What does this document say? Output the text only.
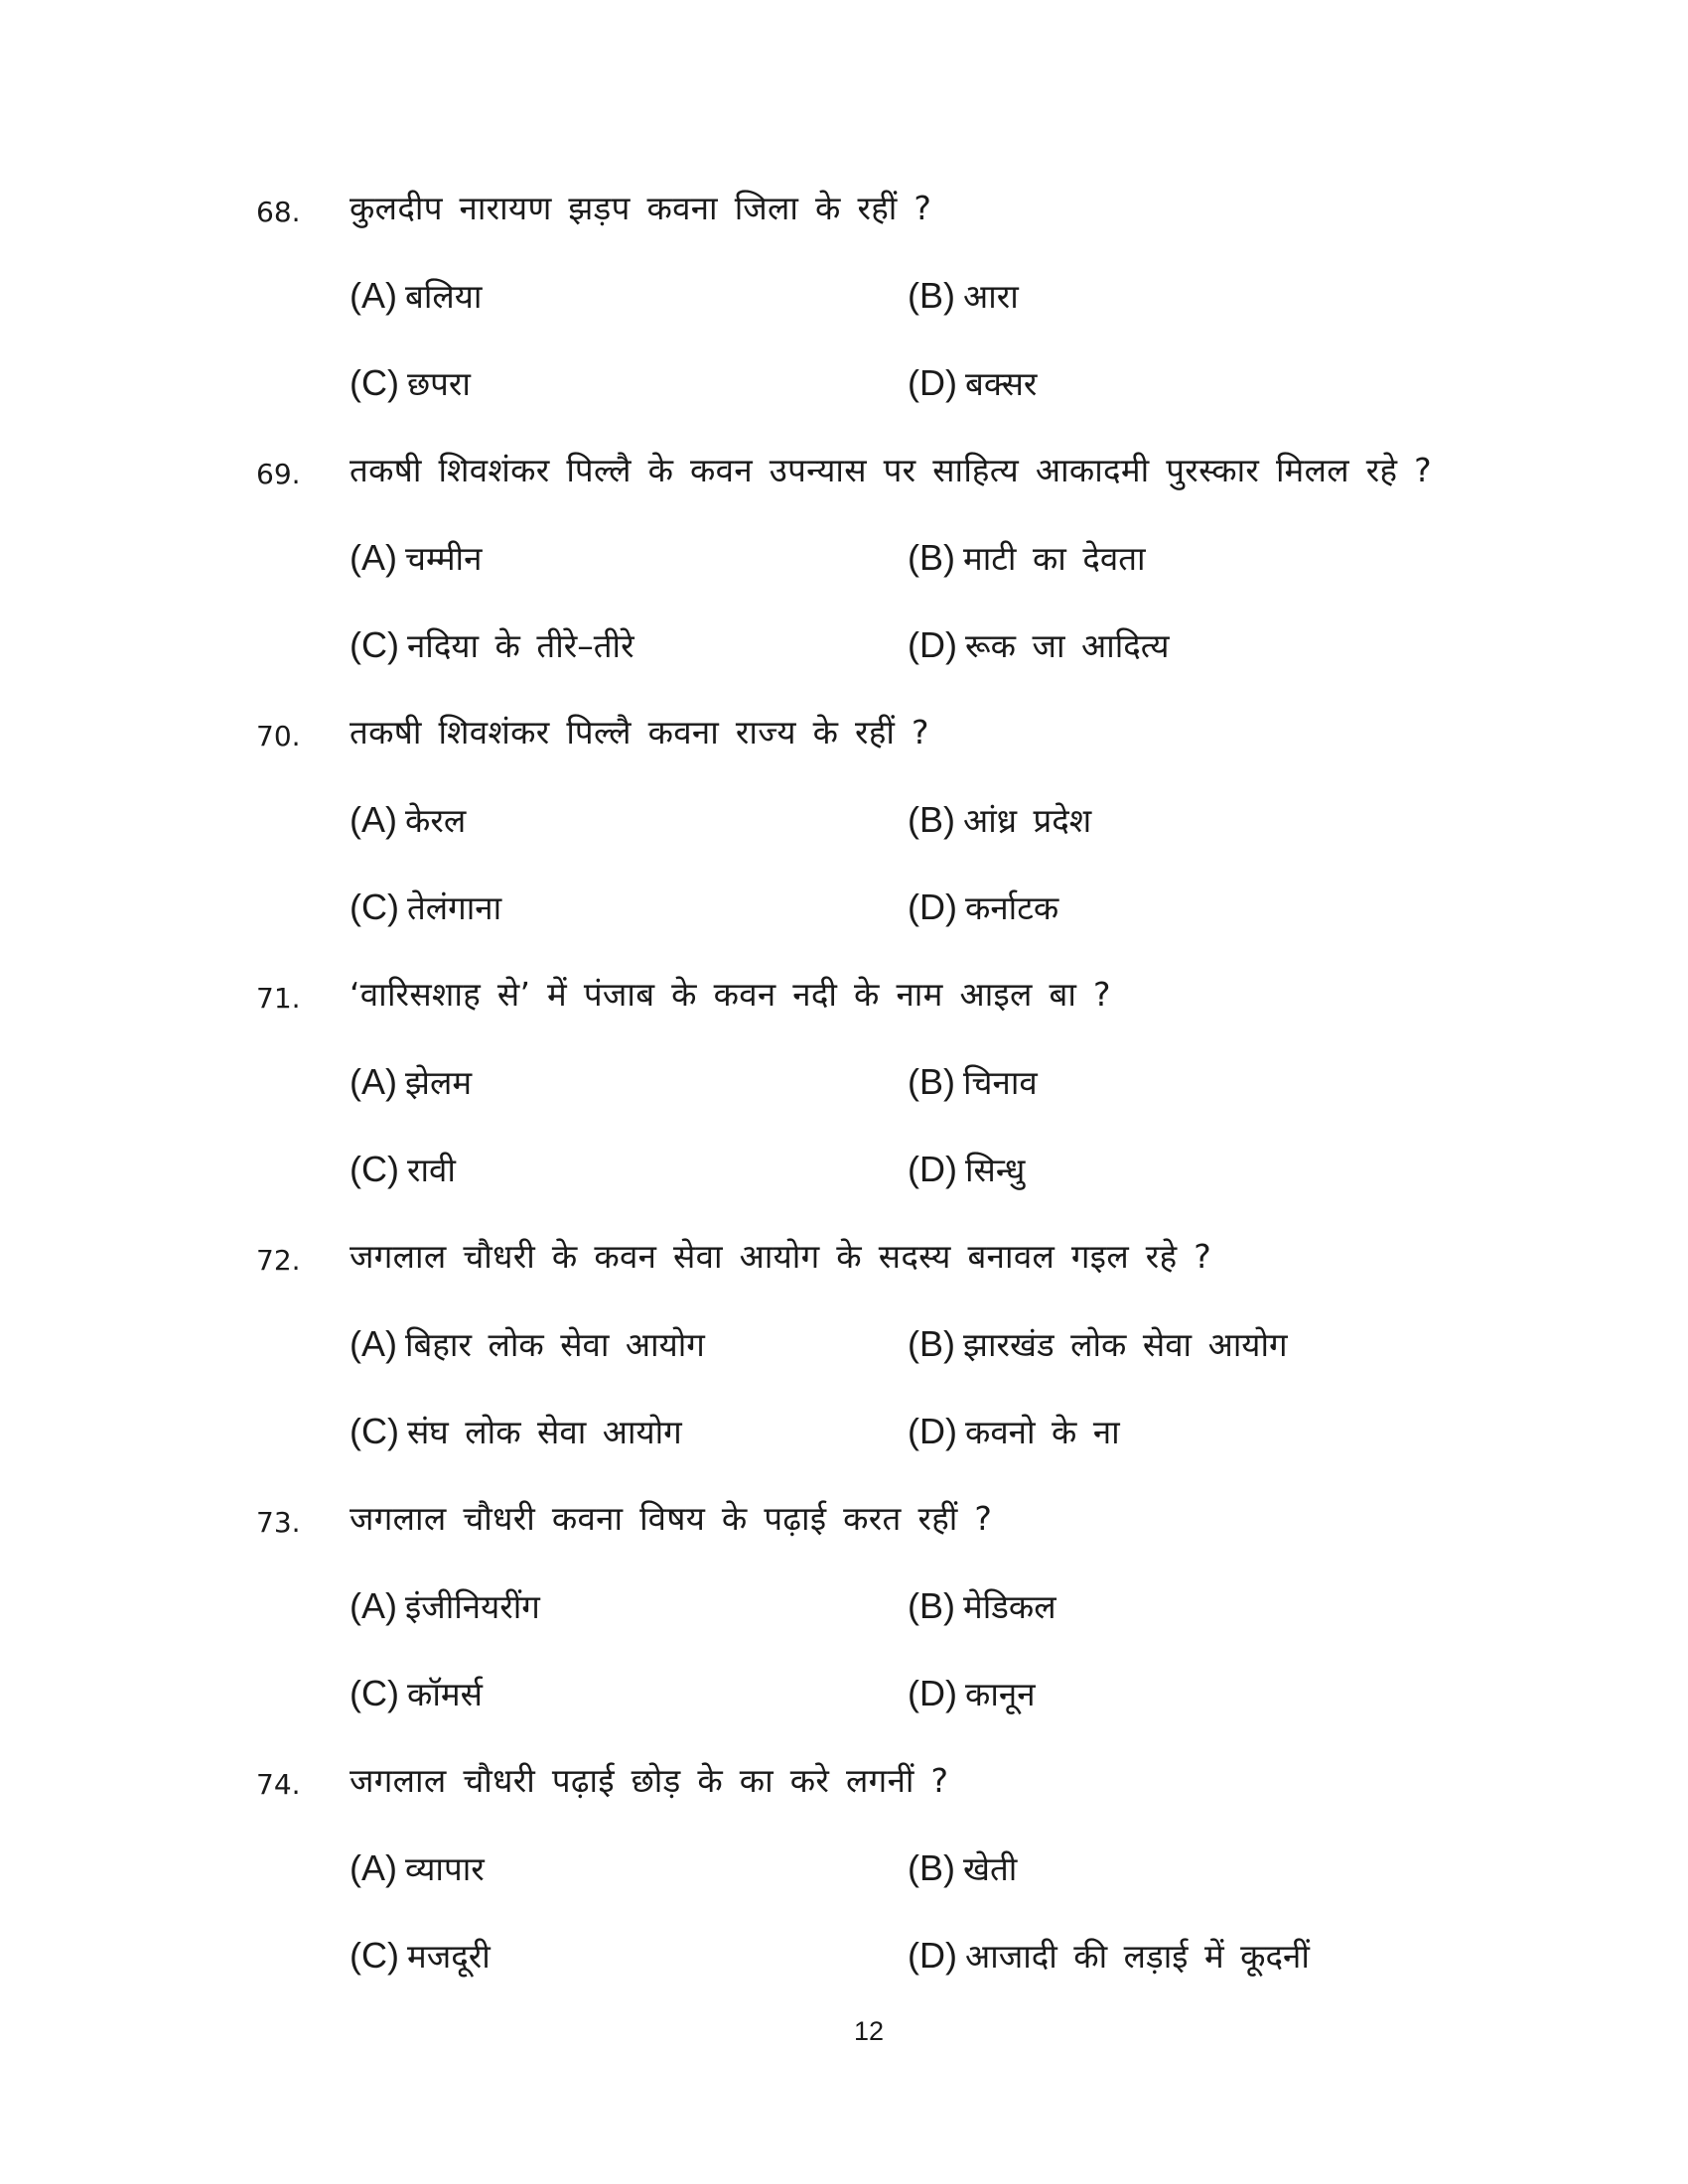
68. कुलदीप नारायण झड़प कवना जिला के रहीं ?
(A) बलिया	(B) आरा
(C) छपरा	(D) बक्सर
69. तकषी शिवशंकर पिल्लै के कवन उपन्यास पर साहित्य आकादमी पुरस्कार मिलल रहे ?
(A) चम्मीन	(B) माटी का देवता
(C) नदिया के तीरे–तीरे	(D) रूक जा आदित्य
70. तकषी शिवशंकर पिल्लै कवना राज्य के रहीं ?
(A) केरल	(B) आंध्र प्रदेश
(C) तेलंगाना	(D) कर्नाटक
71. ‘वारिसशाह से’ में पंजाब के कवन नदी के नाम आइल बा ?
(A) झेलम	(B) चिनाव
(C) रावी	(D) सिन्धु
72. जगलाल चौधरी के कवन सेवा आयोग के सदस्य बनावल गइल रहे ?
(A) बिहार लोक सेवा आयोग	(B) झारखंड लोक सेवा आयोग
(C) संघ लोक सेवा आयोग	(D) कवनो के ना
73. जगलाल चौधरी कवना विषय के पढ़ाई करत रहीं ?
(A) इंजीनियरींग	(B) मेडिकल
(C) कॉमर्स	(D) कानून
74. जगलाल चौधरी पढ़ाई छोड़ के का करे लगनीं ?
(A) व्यापार	(B) खेती
(C) मजदूरी	(D) आजादी की लड़ाई में कूदनीं
12
